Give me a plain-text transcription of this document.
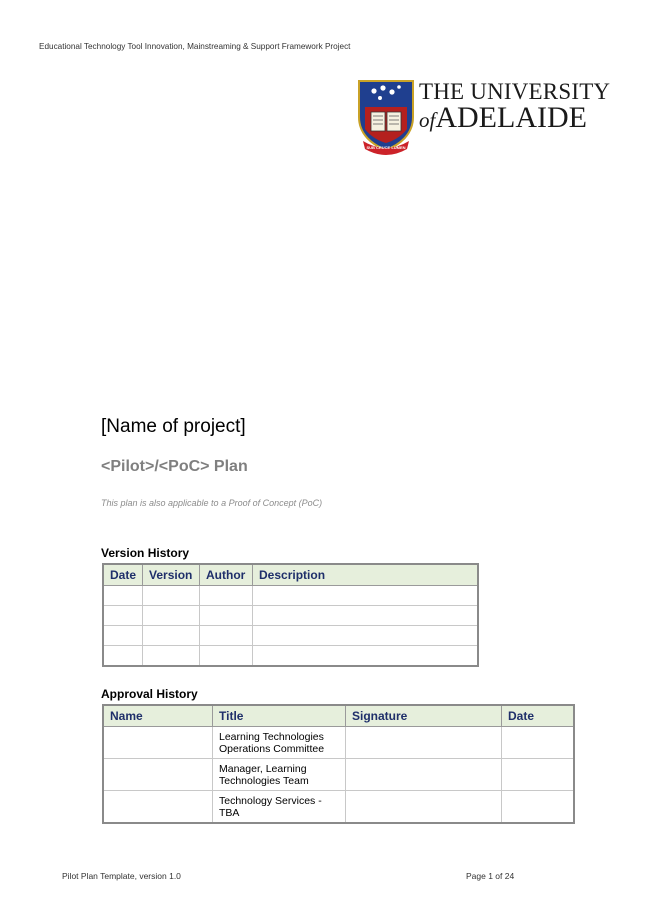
Educational Technology Tool Innovation, Mainstreaming & Support Framework Project
SUB CRUCE LUMEN
THE UNIVERSITY
ofADELAIDE
[Name of project]
<Pilot>/<PoC> Plan
This plan is also applicable to a Proof of Concept (PoC)
Version History
Date	Version	Author	Description

Approval History
Name	Title	Signature	Date
	Learning Technologies Operations Committee		
	Manager, Learning Technologies Team		
	Technology Services - TBA		
Pilot Plan Template, version 1.0	Page 1 of 24
